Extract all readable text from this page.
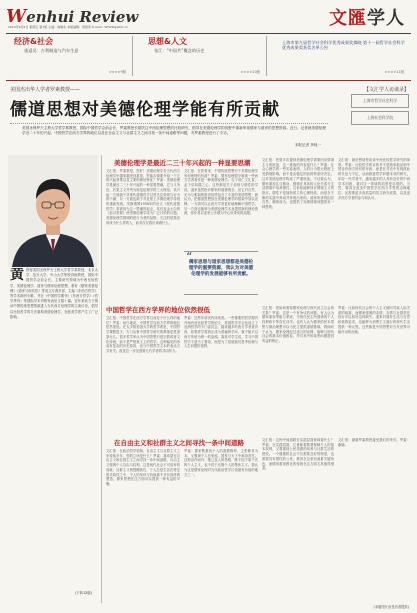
Wenhui Review
2013年9月6日 星期五 第7版 主编：韩晓东 本版编辑：徐欣彤 E-mail：WHXR@whb.cn	文匯学人
经济&社会
重返吴：吉利制造与汽车生意
>>>>9版
思想&人文
张江：“中国共”概念的历史
>>>>10版
上海市第九届哲学社会科学优秀成果奖揭晓 第十一届哲学社会科学优秀成果奖获奖名单公告
>>>>11版
美国杰出华人学者罗素教授——
儒道思想对美德伦理学能有所贡献
【文汇学人访谈录】
上海市哲学社会科学
上海社会科学院
美国圣保罗天主教大学哲学系教授、国际中国哲学会前会长，罗素教授长期关注中西伦理思想的比较研究，倡导在美德伦理学的视野中重新审视儒家与道家的思想资源。近日，记者就美德伦理学近二十年的兴起、中国哲学在西方学界的地位以及在自由主义与社群主义之间寻找一条中间道路等问题，对罗素教授进行了专访。
本报记者 李纯一
黄 教授美国圣保罗天主教大学哲学系教授，北京大学、复旦大学、中山大学等校讲座教授，国际中国哲学会前会长。主要研究领域为中西比较哲学、美德伦理学、道家与儒家伦理思想。著有《儒家美德伦理》《道家与现代性》等英文专著多部，主编《东西方哲学》等学术期刊专辑，并在《中国哲学期刊》《东西方哲学》《哲学季刊》等国际学术刊物发表论文数十篇。近年来致力于推动中国传统思想资源进入当代西方伦理学的主流讨论，倡导以比较哲学的方法重构美德伦理学，在欧美学界产生了广泛影响。
(下转12版)
美德伦理学是最近二三十年兴起的一种显要思潮
文汇报：罗素教授，您好！美德伦理学在当代西方伦理学中越来越受到重视，您能否简要介绍一下它的兴起背景以及主要的理论特征？罗素：美德伦理学是最近二三十年兴起的一种显要思潮，它与义务论、后果主义并列为规范伦理学的三大理论。其兴起一方面源于对现代道德哲学过度关注规则与行为的不满，另一方面也源于对亚里士多德伦理学传统的重新发现。安斯康姆1958年的论文《现代道德哲学》常被视为这一思潮的起点，其后麦金太尔的《追寻美德》使美德伦理学成为广泛讨论的议题。美德伦理学强调的是行为者的品格，关注的是我应该成为什么样的人，而非仅仅我应该做什么。
文汇报：在您看来，中国传统思想对于美德伦理学有何独特的价值？罗素：儒家伦理很早就被一些西方学者看作是一种美德伦理学。孔子讲仁义礼智，孟子讲四端之心，这些都是关于品格与德性的学说。道家虽然批评儒家的道德观念，但它对自然、无为与柔弱的推崇同样包含了丰富的美德思想。我认为，把儒道思想放在美德伦理学的框架中加以诠释，一方面可以让西方学者更好地理解中国哲学，另一方面也能够为美德伦理学本身提供新的理论资源，弥补其以亚里士多德为中心所带来的局限。
“
儒家思想与道家思想都是美德伦理学的重要资源，我认为对美德伦理学的发展能够有所贡献。
文汇报：您曾多次提到美德伦理学需要回应情境主义的挑战，这一挑战的内容是什么？罗素：社会心理学的一些实验表明，人的行为很大程度上受情境影响，而不是由稳定的品格特质所决定。这对美德伦理学构成了严重挑战。不过我认为，儒家重视礼与修身，强调在具体的人伦关系与生活情境中培养德性，这恰恰能够回应情境主义的批评。德性不是抽象孤立的心理特质，而是在不断的实践中养成并体现出来的。道家所讲的因应自然、顺势而为，也提供了处理情境问题的另一种思路。
文汇报：最后想请您谈谈中西比较哲学研究的前景。罗素：比较哲学的目的并不是简单地证明中国也有西方所有的东西，而是在对话中发现彼此的长处与不足，从而推进哲学问题本身的研究。年轻一代学者中，越来越多的人具有良好的中西学术训练，我对这一领域的前景是乐观的。当然，要真正改变中国哲学在西方学界的边缘地位，还需要更多高质量的英文研究成果，以及更多西方学者的参与和认可。
中国哲学在西方学界的地位依然很低
文汇报：中国哲学在西方学界目前处于什么样的地位？罗素：坦白地说，中国哲学在西方学界的地位依然很低。在大多数美国大学的哲学系里，中国哲学课程很少，专门从事中国哲学研究的教师更是寥寥无几。很多哲学家认为中国思想只是宗教或者文化传统，而不是严格意义上的哲学。这种偏见的形成有复杂的历史原因，也与中国哲学文本的表达方式有关。改变这一状况需要几代学者的共同努力。
罗素：近些年情况有所改善。一些重要的哲学期刊开始刊登比较哲学的论文，美国哲学学会也设立了亚洲哲学的专门委员会。越来越多的西方学者意识到，如果哲学要真正成为普遍的学问，就不能只以西方传统为唯一的参照。我常对学生说，学习中国哲学不是为了猎奇，而是为了拓展我们思考伦理与人生问题的视野。
文汇报：您如何看待儒家伦理与现代民主社会的关系？罗素：这是一个有争议的问题。有人认为儒家重视等级与家庭，与现代民主所强调的个人权利和平等存在冲突；也有人认为儒家的民本思想与德治理想可以为民主提供道德基础。我倾向于认为，儒家伦理经过适当的诠释，能够与现代社会的基本价值相容，并对其中的某些问题提供有益的矫正。
罗素：比如现代社会的个人主义倾向导致人际关系的疏离，而儒家强调的亲情、友情与社群责任恰好可以弥补这种缺失。道家对简朴生活与自然和谐的追求，也能够为消费主义盛行的现代生活提供一种反思。这些都是中国思想对当代世界可能作出的贡献。
在自由主义和社群主义之间寻找一条中间道路
文汇报：在政治哲学领域，自由主义与社群主义之争持续多年，您的立场是什么？罗素：我希望在自由主义和社群主义之间寻找一条中间道路。自由主义强调个人自由与权利，这是现代社会不可放弃的成就；社群主义则提醒我们，个人总是生活在特定的共同体之中，个人的身份与价值离不开共同体的塑造。儒家思想在这方面可以提供一种有益的平衡。
罗素：儒家既重视个人的道德修养，主张修身为本，又强调个人在家庭、国家与天下中承担责任。这种由内而外、推己及人的思路，既不同于原子式的个人主义，也不同于压制个人的集体主义。我认为这是儒家伦理对当代政治哲学讨论最有价值的地方之一。
文汇报：这种中间道路在实践层面意味着什么？罗素：在实践层面，它意味着既要保障个人的基本权利，又要重视公民美德的培养与社群生活的建设。一个健康的社会不仅需要良好的制度，也需要具有德性的公民。教育在这里扮演着关键角色，而儒家重视教化的传统在这方面尤其值得借鉴。
文汇报：谢谢罗素教授接受我们的采访。罗素：谢谢。
(本版图片由受访者提供)
